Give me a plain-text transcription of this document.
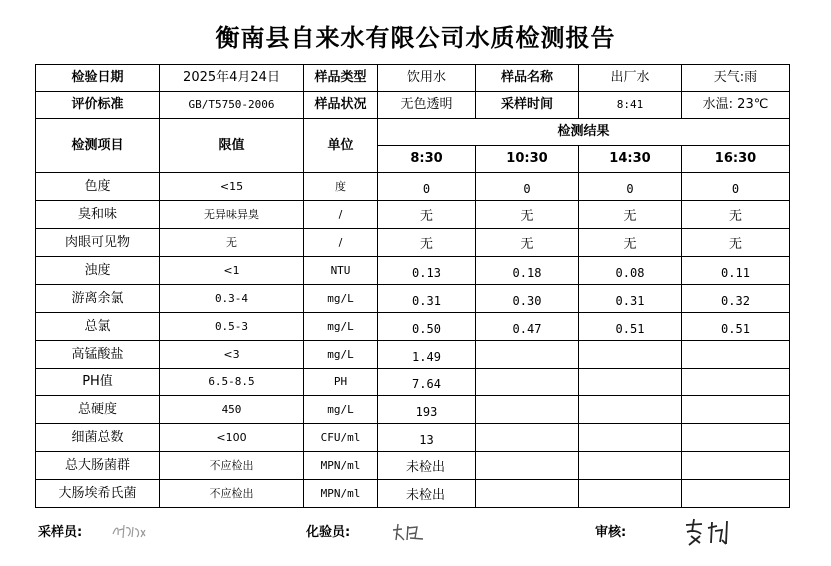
衡南县自来水有限公司水质检测报告
检验日期	2025年4月24日	样品类型	饮用水	样品名称	出厂水	天气:雨
评价标准	GB/T5750-2006	样品状况	无色透明	采样时间	8:41	水温: 23℃
检测项目	限值	单位	检测结果			
			8:30	10:30	14:30	16:30
色度	<15	度	0	0	0	0
臭和味	无异味异臭	/	无	无	无	无
肉眼可见物	无	/	无	无	无	无
浊度	<1	NTU	0.13	0.18	0.08	0.11
游离余氯	0.3-4	mg/L	0.31	0.30	0.31	0.32
总氯	0.5-3	mg/L	0.50	0.47	0.51	0.51
高锰酸盐	<3	mg/L	1.49			
PH值	6.5-8.5	PH	7.64			
总硬度	450	mg/L	193			
细菌总数	<100	CFU/ml	13			
总大肠菌群	不应检出	MPN/ml	未检出			
大肠埃希氏菌	不应检出	MPN/ml	未检出			
采样员:	化验员:	审核:
